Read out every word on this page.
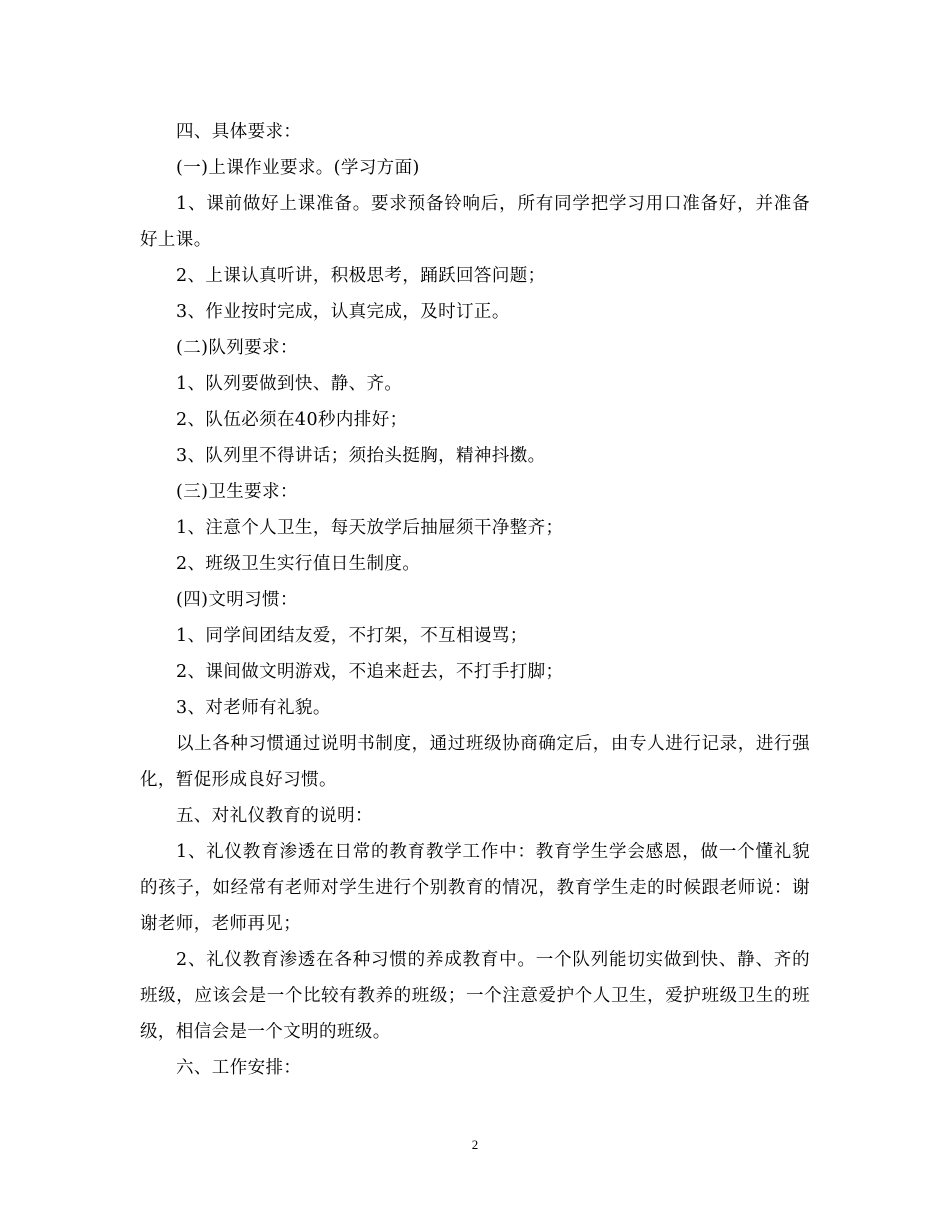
四、具体要求：

(一)上课作业要求。(学习方面)

1、课前做好上课准备。要求预备铃响后，所有同学把学习用口准备好，并准备好上课。

2、上课认真听讲，积极思考，踊跃回答问题；

3、作业按时完成，认真完成，及时订正。

(二)队列要求：

1、队列要做到快、静、齐。

2、队伍必须在40秒内排好；

3、队列里不得讲话；须抬头挺胸，精神抖擞。

(三)卫生要求：

1、注意个人卫生，每天放学后抽屉须干净整齐；

2、班级卫生实行值日生制度。

(四)文明习惯：

1、同学间团结友爱，不打架，不互相谩骂；

2、课间做文明游戏，不追来赶去，不打手打脚；

3、对老师有礼貌。

以上各种习惯通过说明书制度，通过班级协商确定后，由专人进行记录，进行强化，暂促形成良好习惯。

五、对礼仪教育的说明：

1、礼仪教育渗透在日常的教育教学工作中：教育学生学会感恩，做一个懂礼貌的孩子，如经常有老师对学生进行个别教育的情况，教育学生走的时候跟老师说：谢谢老师，老师再见；

2、礼仪教育渗透在各种习惯的养成教育中。一个队列能切实做到快、静、齐的班级，应该会是一个比较有教养的班级；一个注意爱护个人卫生，爱护班级卫生的班级，相信会是一个文明的班级。

六、工作安排：

2
